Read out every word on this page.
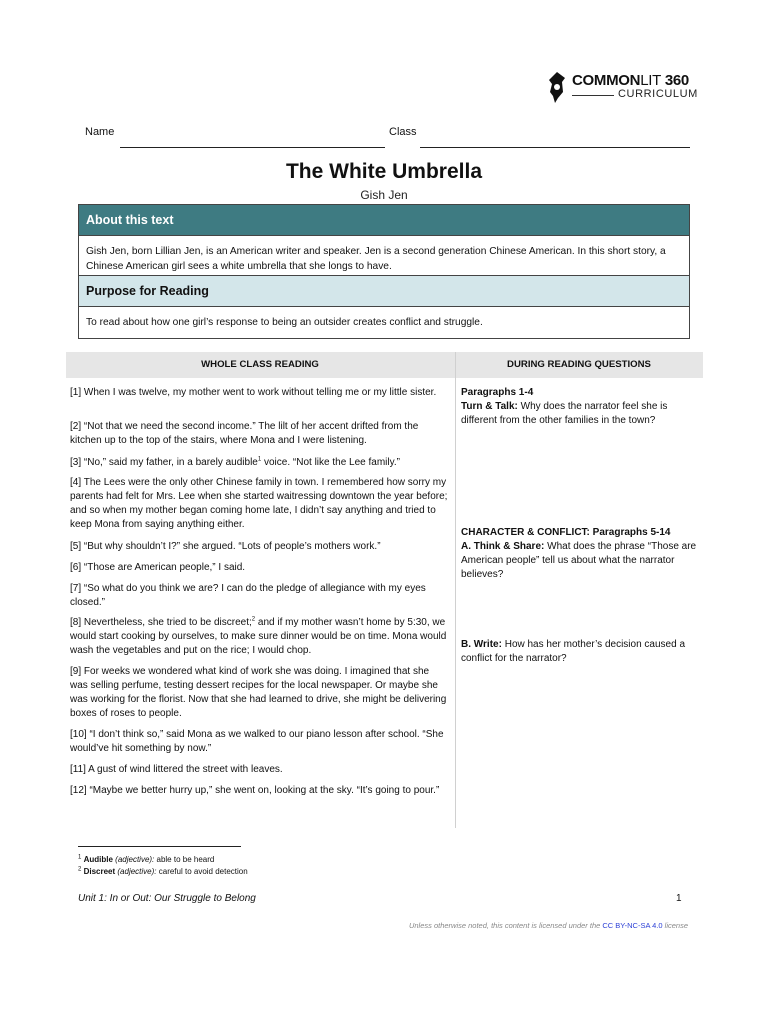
COMMONLIT 360
CURRICULUM
Name	Class
The White Umbrella
Gish Jen
About this text
Gish Jen, born Lillian Jen, is an American writer and speaker. Jen is a second generation Chinese American. In this short story, a Chinese American girl sees a white umbrella that she longs to have.
Purpose for Reading
To read about how one girl’s response to being an outsider creates conflict and struggle.
WHOLE CLASS READING	DURING READING QUESTIONS
[1] When I was twelve, my mother went to work without telling me or my little sister.
[2] “Not that we need the second income.” The lilt of her accent drifted from the kitchen up to the top of the stairs, where Mona and I were listening.
[3] “No,” said my father, in a barely audible$^1$ voice. “Not like the Lee family.”
[4] The Lees were the only other Chinese family in town. I remembered how sorry my parents had felt for Mrs. Lee when she started waitressing downtown the year before; and so when my mother began coming home late, I didn’t say anything and tried to keep Mona from saying anything either.
[5] “But why shouldn’t I?” she argued. “Lots of people’s mothers work.”
[6] “Those are American people,” I said.
[7] “So what do you think we are? I can do the pledge of allegiance with my eyes closed.”
[8] Nevertheless, she tried to be discreet;$^2$ and if my mother wasn’t home by 5:30, we would start cooking by ourselves, to make sure dinner would be on time. Mona would wash the vegetables and put on the rice; I would chop.
[9] For weeks we wondered what kind of work she was doing. I imagined that she was selling perfume, testing dessert recipes for the local newspaper. Or maybe she was working for the florist. Now that she had learned to drive, she might be delivering boxes of roses to people.
[10] “I don’t think so,” said Mona as we walked to our piano lesson after school. “She would’ve hit something by now.”
[11] A gust of wind littered the street with leaves.
[12] “Maybe we better hurry up,” she went on, looking at the sky. “It’s going to pour.”
Paragraphs 1-4
Turn & Talk: Why does the narrator feel she is different from the other families in the town?
CHARACTER & CONFLICT: Paragraphs 5-14
A. Think & Share: What does the phrase “Those are American people” tell us about what the narrator believes?
B. Write: How has her mother’s decision caused a conflict for the narrator?
$^1$ Audible (adjective): able to be heard
$^2$ Discreet (adjective): careful to avoid detection
Unit 1: In or Out: Our Struggle to Belong	1
Unless otherwise noted, this content is licensed under the CC BY-NC-SA 4.0 license
